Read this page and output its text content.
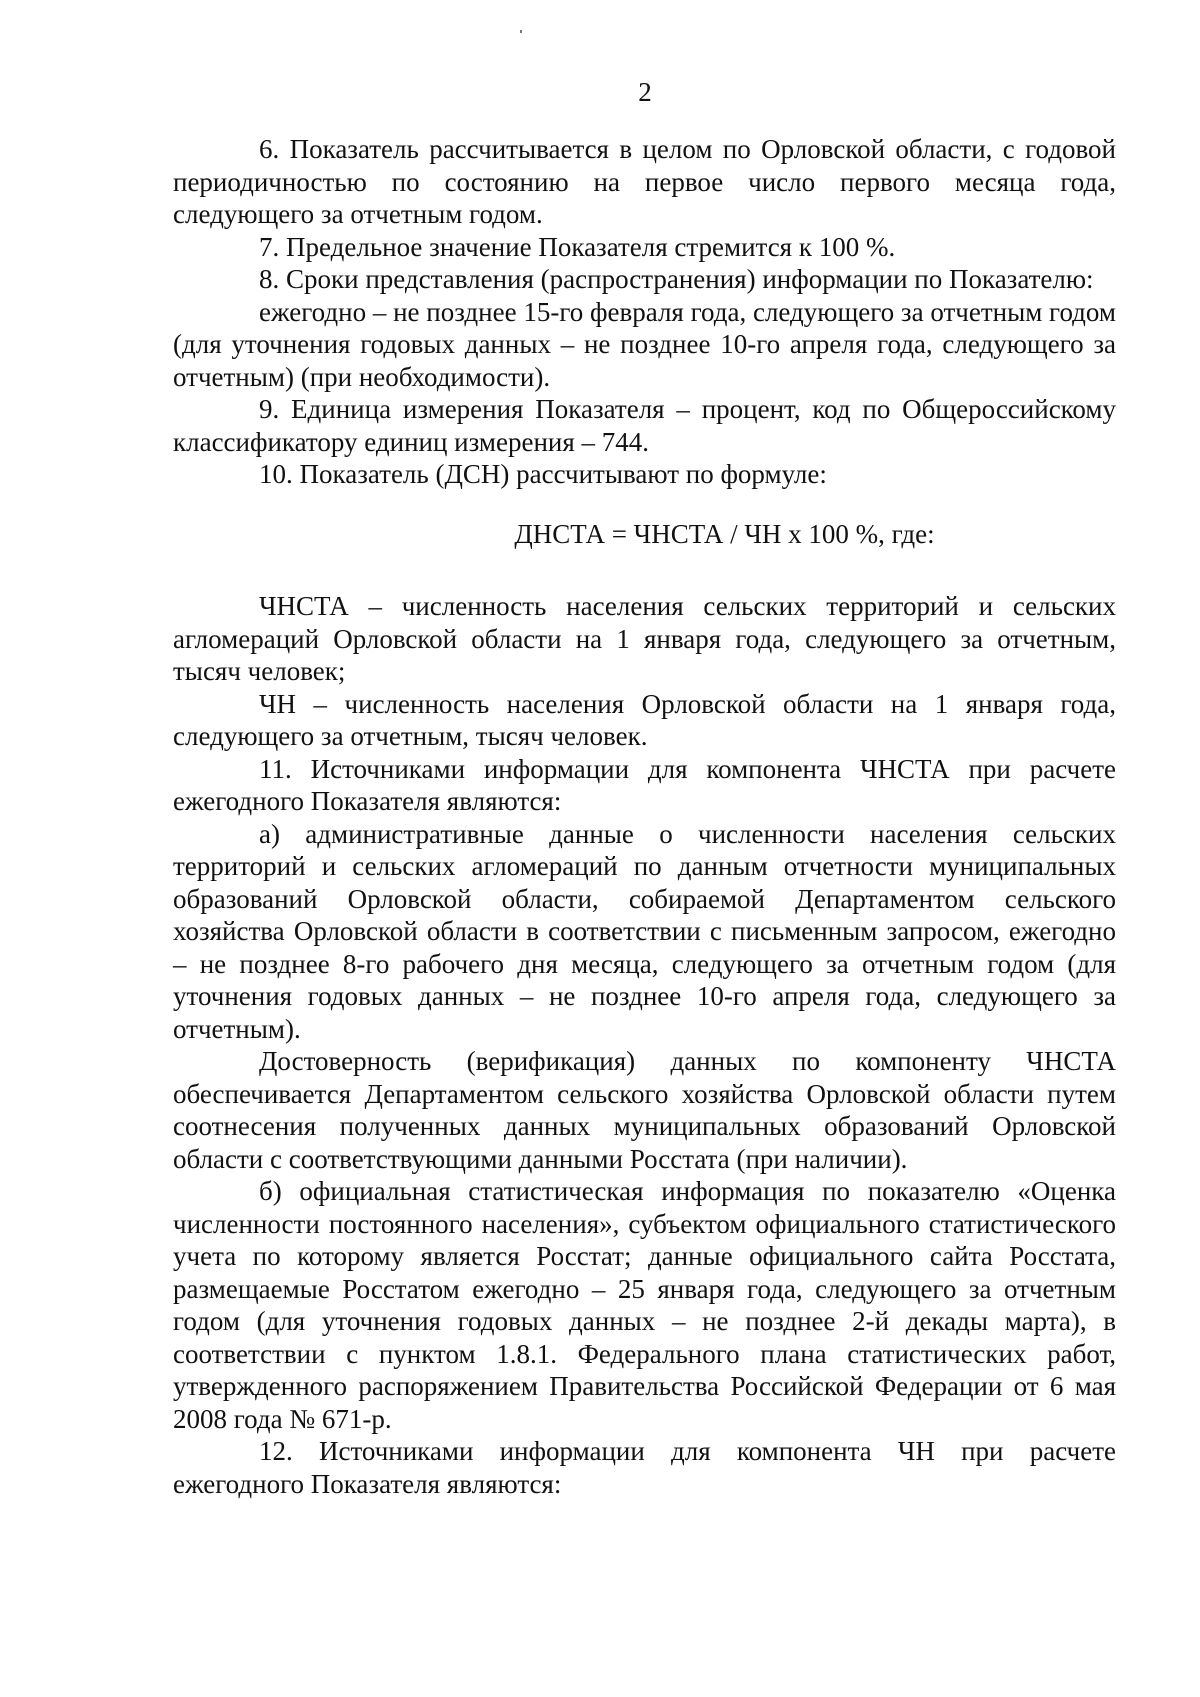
2

6. Показатель рассчитывается в целом по Орловской области, с годовой периодичностью по состоянию на первое число первого месяца года, следующего за отчетным годом.

7. Предельное значение Показателя стремится к 100 %.

8. Сроки представления (распространения) информации по Показателю:

ежегодно – не позднее 15-го февраля года, следующего за отчетным годом (для уточнения годовых данных – не позднее 10-го апреля года, следующего за отчетным) (при необходимости).

9. Единица измерения Показателя – процент, код по Общероссийскому классификатору единиц измерения – 744.

10. Показатель (ДСН) рассчитывают по формуле:

ДНСТА = ЧНСТА / ЧН х 100 %, где:

ЧНСТА – численность населения сельских территорий и сельских агломераций Орловской области на 1 января года, следующего за отчетным, тысяч человек;

ЧН – численность населения Орловской области на 1 января года, следующего за отчетным, тысяч человек.

11. Источниками информации для компонента ЧНСТА при расчете ежегодного Показателя являются:

а) административные данные о численности населения сельских территорий и сельских агломераций по данным отчетности муниципальных образований Орловской области, собираемой Департаментом сельского хозяйства Орловской области в соответствии с письменным запросом, ежегодно – не позднее 8-го рабочего дня месяца, следующего за отчетным годом (для уточнения годовых данных – не позднее 10-го апреля года, следующего за отчетным).

Достоверность (верификация) данных по компоненту ЧНСТА обеспечивается Департаментом сельского хозяйства Орловской области путем соотнесения полученных данных муниципальных образований Орловской области с соответствующими данными Росстата (при наличии).

б) официальная статистическая информация по показателю «Оценка численности постоянного населения», субъектом официального статистического учета по которому является Росстат; данные официального сайта Росстата, размещаемые Росстатом ежегодно – 25 января года, следующего за отчетным годом (для уточнения годовых данных – не позднее 2-й декады марта), в соответствии с пунктом 1.8.1. Федерального плана статистических работ, утвержденного распоряжением Правительства Российской Федерации от 6 мая 2008 года № 671-р.

12. Источниками информации для компонента ЧН при расчете ежегодного Показателя являются:
